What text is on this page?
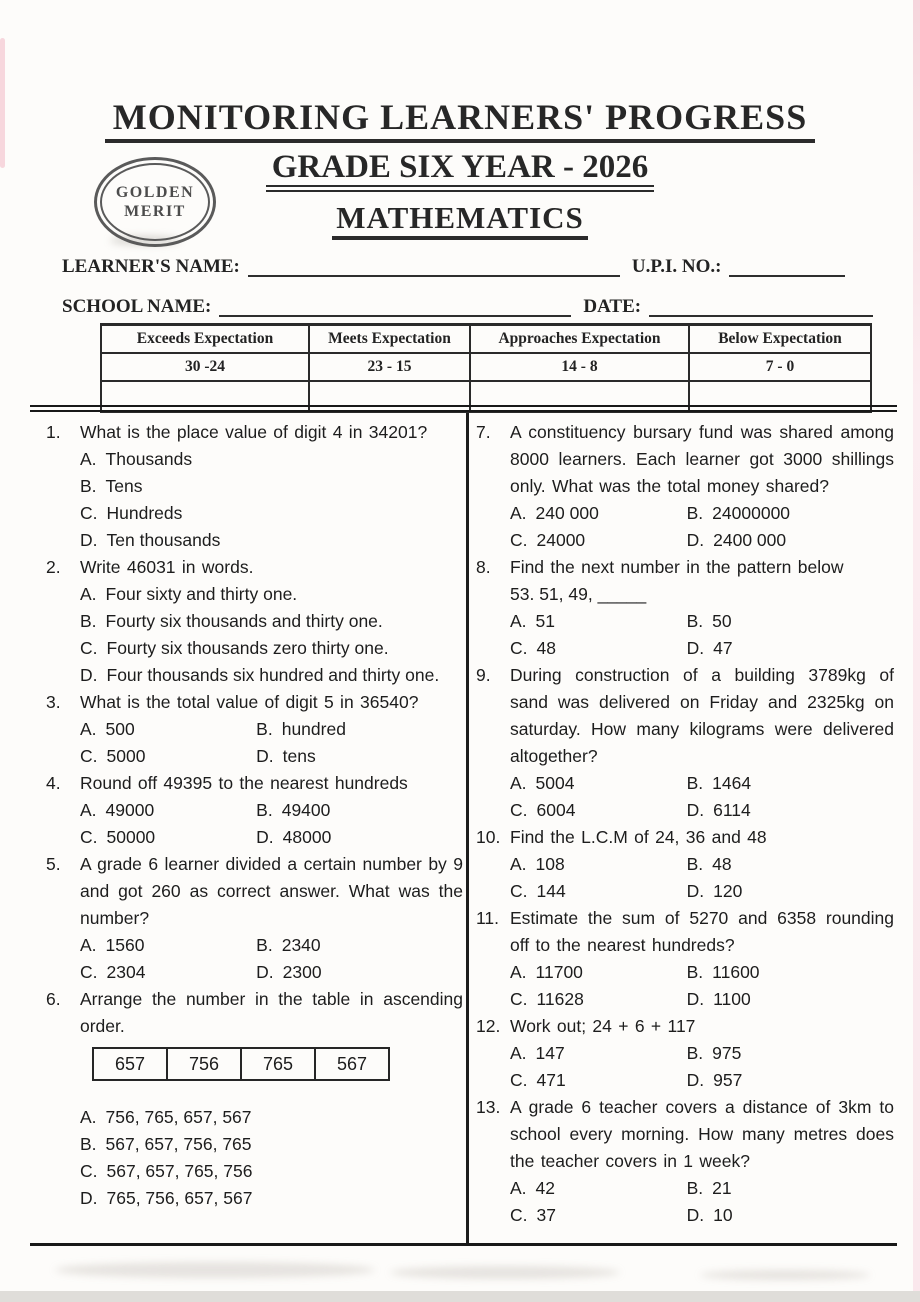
MONITORING LEARNERS' PROGRESS
GOLDEN
MERIT
GRADE SIX YEAR - 2026
MATHEMATICS
LEARNER'S NAME:	U.P.I. NO.:
SCHOOL NAME:	DATE:
Exceeds Expectation	Meets Expectation	Approaches Expectation	Below Expectation
30 -24	23 - 15	14 - 8	7 - 0

1.	What is the place value of digit 4 in 34201?
A. Thousands
B. Tens
C. Hundreds
D. Ten thousands
2.	Write 46031 in words.
A. Four sixty and thirty one.
B. Fourty six thousands and thirty one.
C. Fourty six thousands zero thirty one.
D. Four thousands six hundred and thirty one.
3.	What is the total value of digit 5 in 36540?
A. 500	B. hundred
C. 5000	D. tens
4.	Round off 49395 to the nearest hundreds
A. 49000	B. 49400
C. 50000	D. 48000
5.	A grade 6 learner divided a certain number by 9 and got 260 as correct answer. What was the number?
A. 1560	B. 2340
C. 2304	D. 2300
6.	Arrange the number in the table in ascending order.
657	756	765	567
A. 756, 765, 657, 567
B. 567, 657, 756, 765
C. 567, 657, 765, 756
D. 765, 756, 657, 567
7.	A constituency bursary fund was shared among 8000 learners. Each learner got 3000 shillings only. What was the total money shared?
A. 240 000	B. 24000000
C. 24000	D. 2400 000
8.	Find the next number in the pattern below
53. 51, 49, _____
A. 51	B. 50
C. 48	D. 47
9.	During construction of a building 3789kg of sand was delivered on Friday and 2325kg on saturday. How many kilograms were delivered altogether?
A. 5004	B. 1464
C. 6004	D. 6114
10. Find the L.C.M of 24, 36 and 48
A. 108	B. 48
C. 144	D. 120
11. Estimate the sum of 5270 and 6358 rounding off to the nearest hundreds?
A. 11700	B. 11600
C. 11628	D. 1100
12. Work out; 24 + 6 + 117
A. 147	B. 975
C. 471	D. 957
13. A grade 6 teacher covers a distance of 3km to school every morning. How many metres does the teacher covers in 1 week?
A. 42	B. 21
C. 37	D. 10
